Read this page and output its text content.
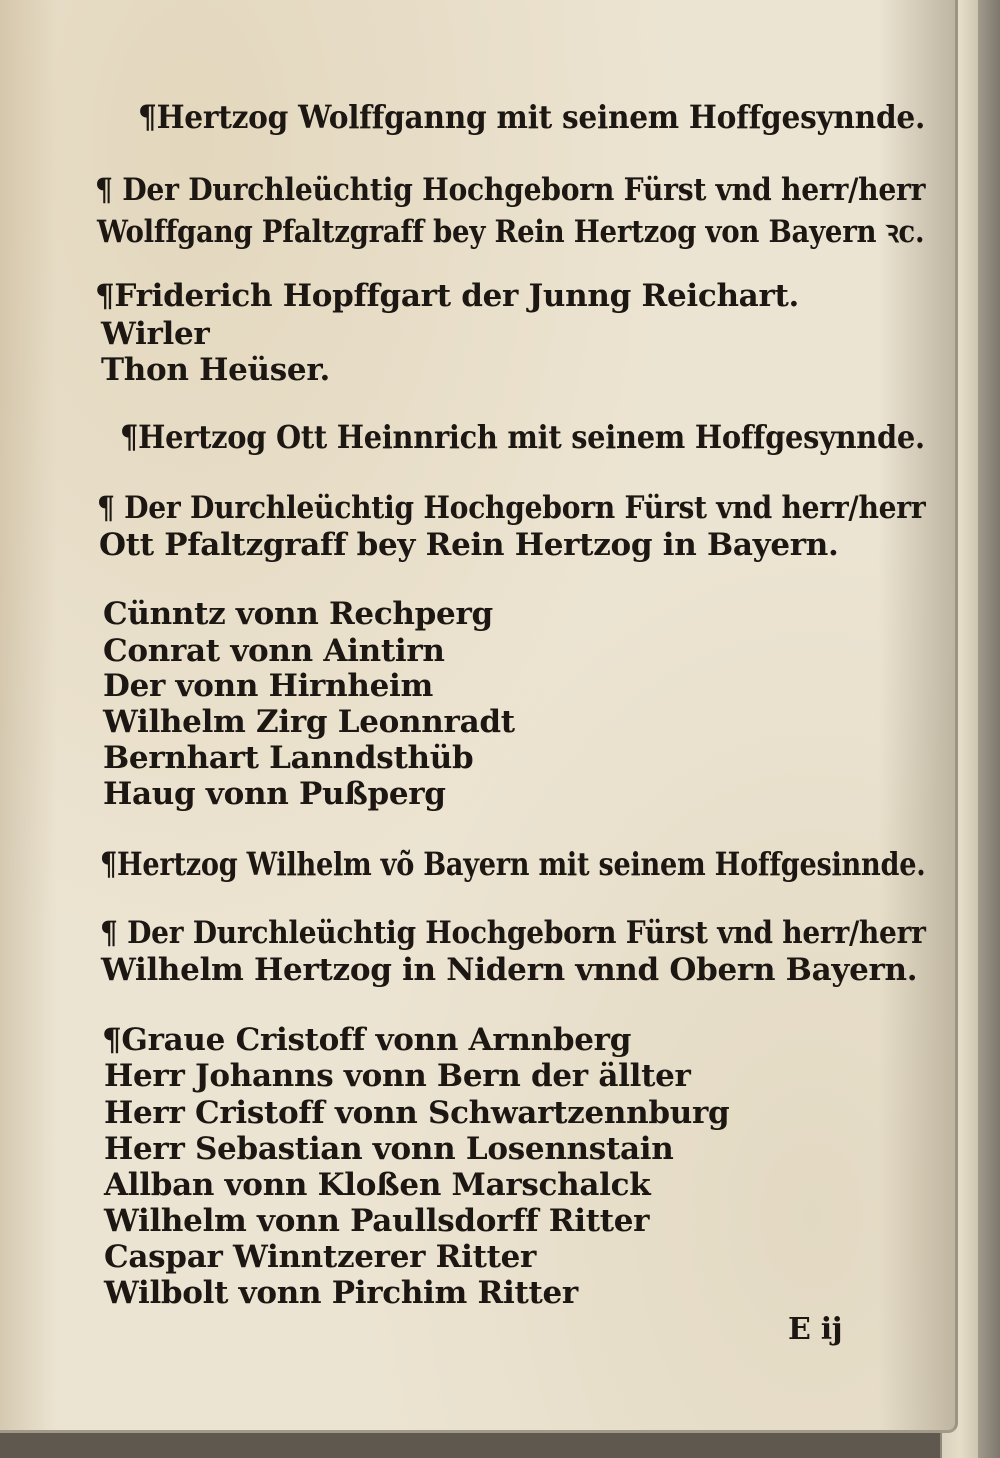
¶Hertzog Wolffganng mit seinem Hoffgesynnde.
¶ Der Durchleüchtig Hochgeborn Fürst vnd herr/herr
Wolffgang Pfaltzgraff bey Rein Hertzog von Bayern ꝛc.
¶Friderich Hopffgart der Junng Reichart.
Wirler
Thon Heüser.
¶Hertzog Ott Heinnrich mit seinem Hoffgesynnde.
¶ Der Durchleüchtig Hochgeborn Fürst vnd herr/herr
Ott Pfaltzgraff bey Rein Hertzog in Bayern.
Cünntz vonn Rechperg
Conrat vonn Aintirn
Der vonn Hirnheim
Wilhelm Zirg Leonnradt
Bernhart Lanndsthüb
Haug vonn Pußperg
¶Hertzog Wilhelm võ Bayern mit seinem Hoffgesinnde.
¶ Der Durchleüchtig Hochgeborn Fürst vnd herr/herr
Wilhelm Hertzog in Nidern vnnd Obern Bayern.
¶Graue Cristoff vonn Arnnberg
Herr Johanns vonn Bern der ällter
Herr Cristoff vonn Schwartzennburg
Herr Sebastian vonn Losennstain
Allban vonn Kloßen Marschalck
Wilhelm vonn Paullsdorff Ritter
Caspar Winntzerer Ritter
Wilbolt vonn Pirchim Ritter
E ij
